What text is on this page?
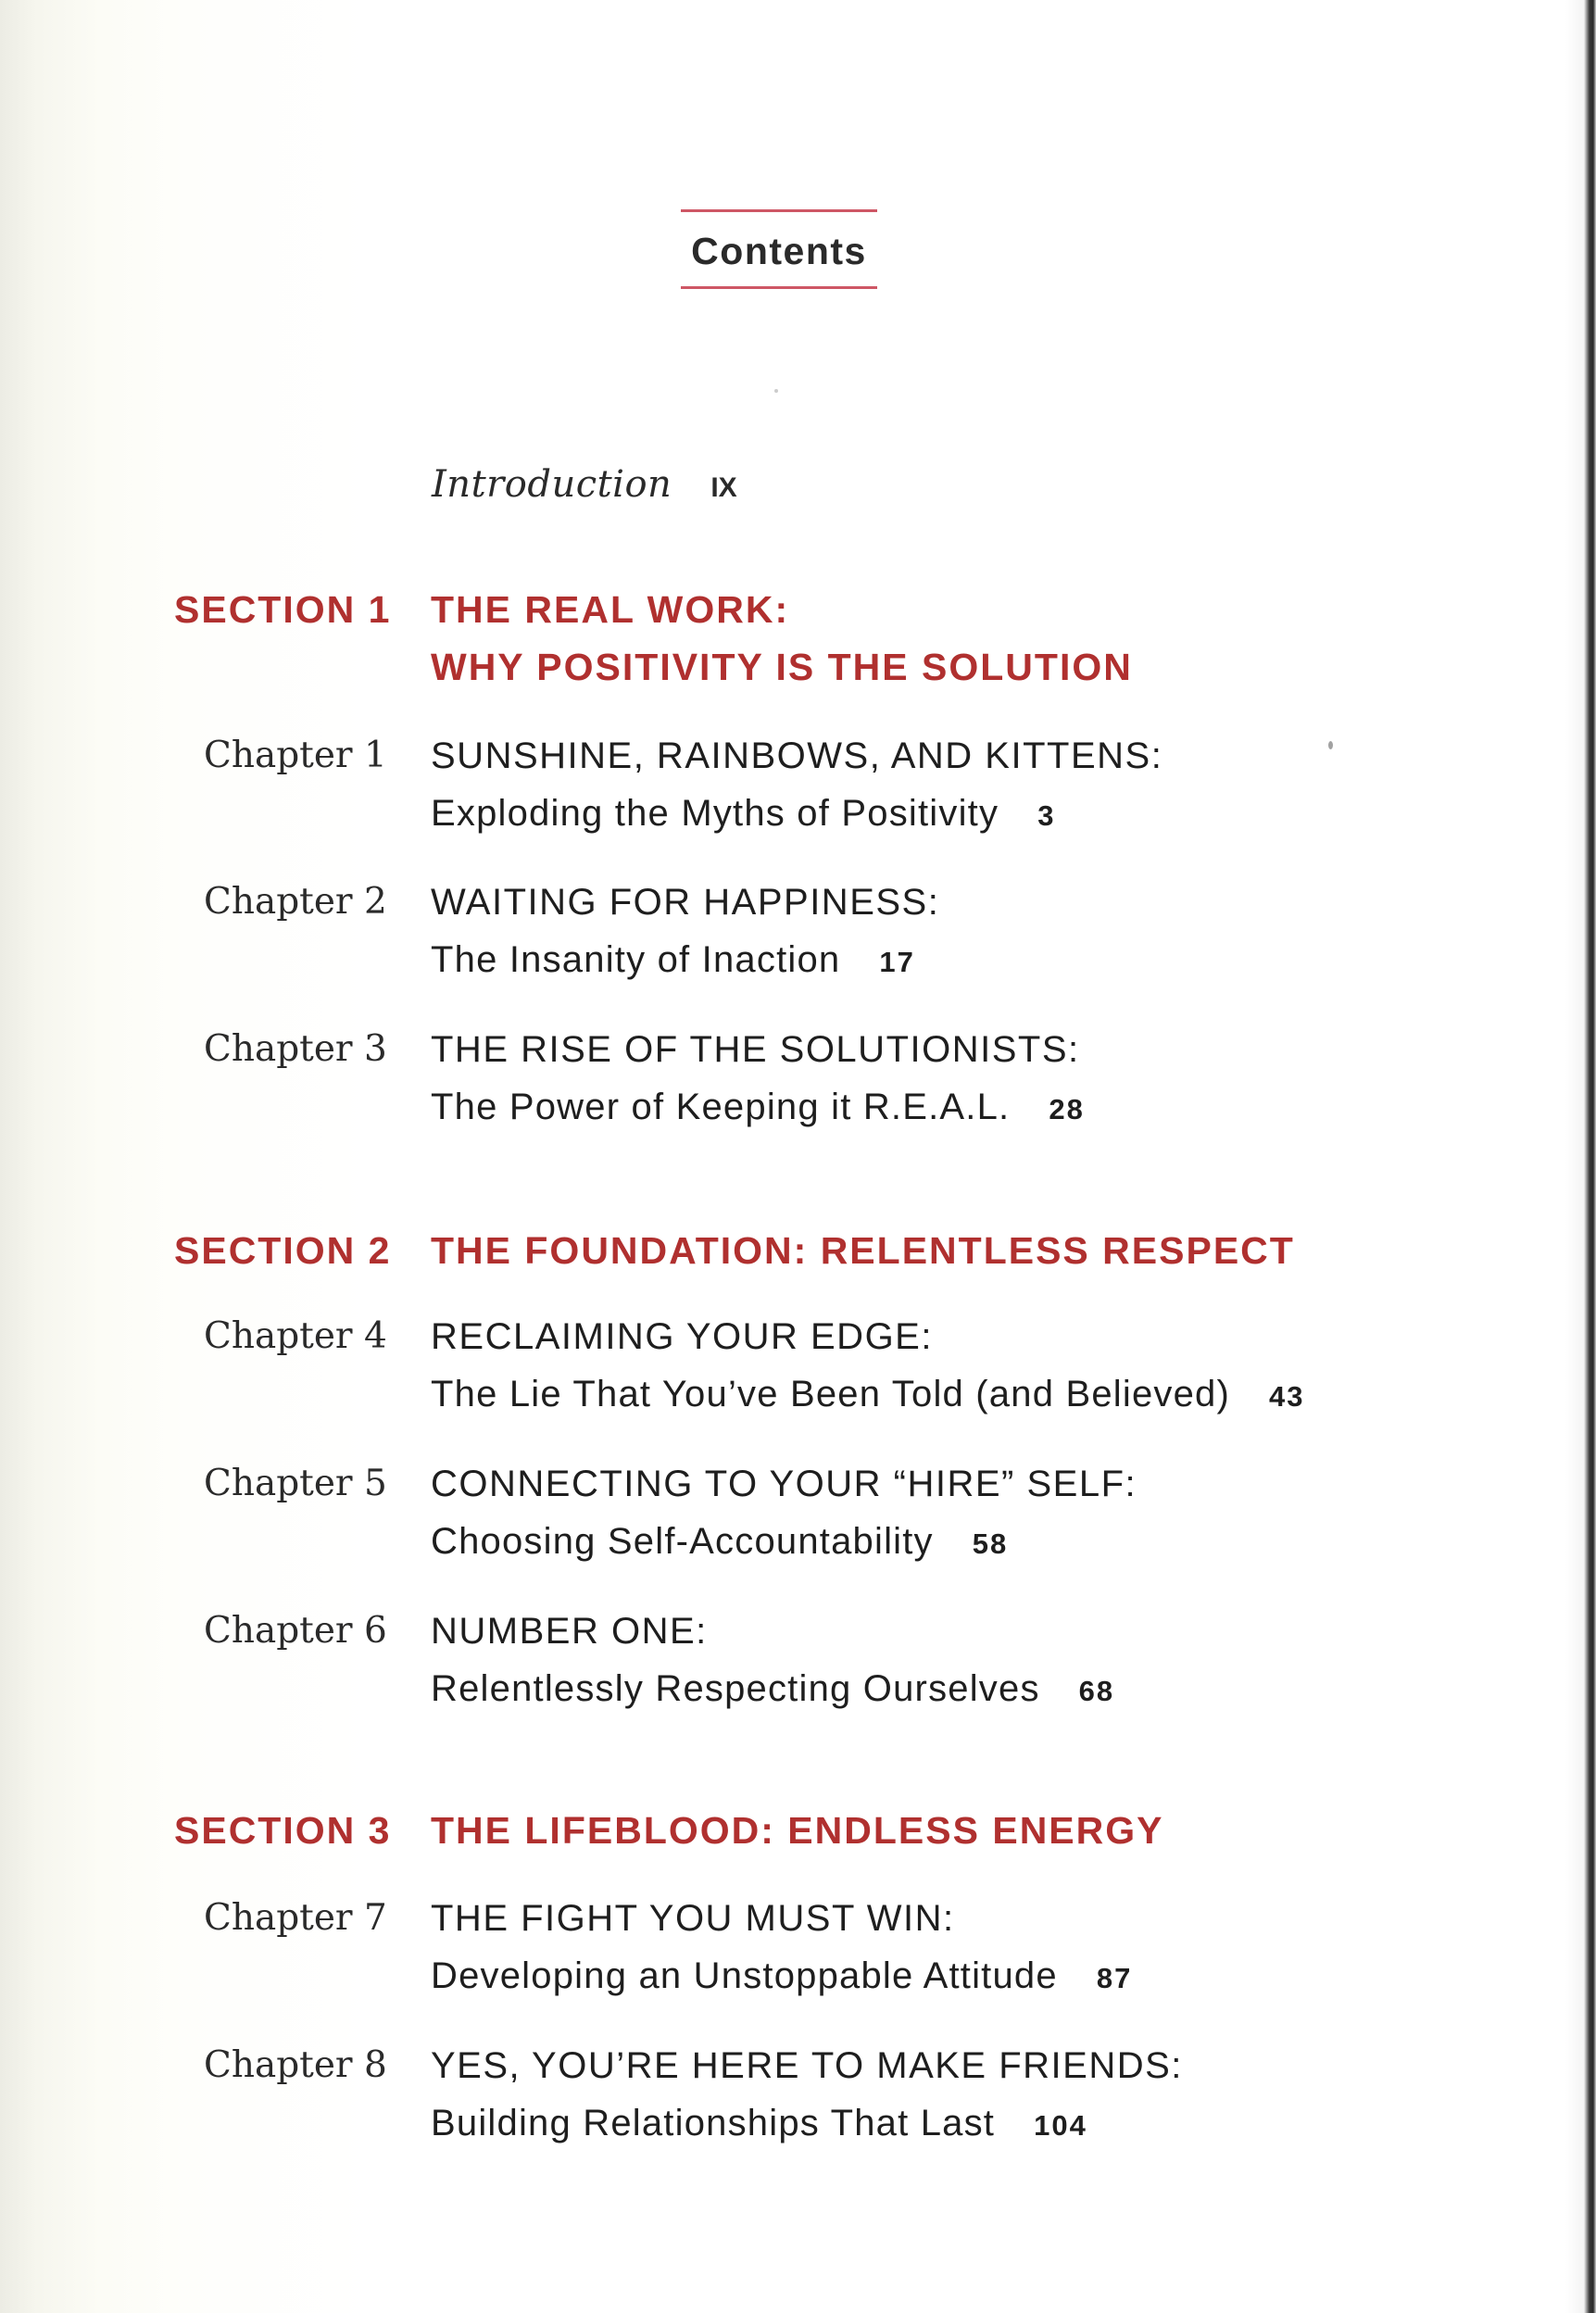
Contents
Introduction IX
SECTION 1	THE REAL WORK:
WHY POSITIVITY IS THE SOLUTION
Chapter 1	SUNSHINE, RAINBOWS, AND KITTENS:
Exploding the Myths of Positivity 3
Chapter 2	WAITING FOR HAPPINESS:
The Insanity of Inaction 17
Chapter 3	THE RISE OF THE SOLUTIONISTS:
The Power of Keeping it R.E.A.L. 28
SECTION 2	THE FOUNDATION: RELENTLESS RESPECT
Chapter 4	RECLAIMING YOUR EDGE:
The Lie That You’ve Been Told (and Believed) 43
Chapter 5	CONNECTING TO YOUR “HIRE” SELF:
Choosing Self-Accountability 58
Chapter 6	NUMBER ONE:
Relentlessly Respecting Ourselves 68
SECTION 3	THE LIFEBLOOD: ENDLESS ENERGY
Chapter 7	THE FIGHT YOU MUST WIN:
Developing an Unstoppable Attitude 87
Chapter 8	YES, YOU’RE HERE TO MAKE FRIENDS:
Building Relationships That Last 104
